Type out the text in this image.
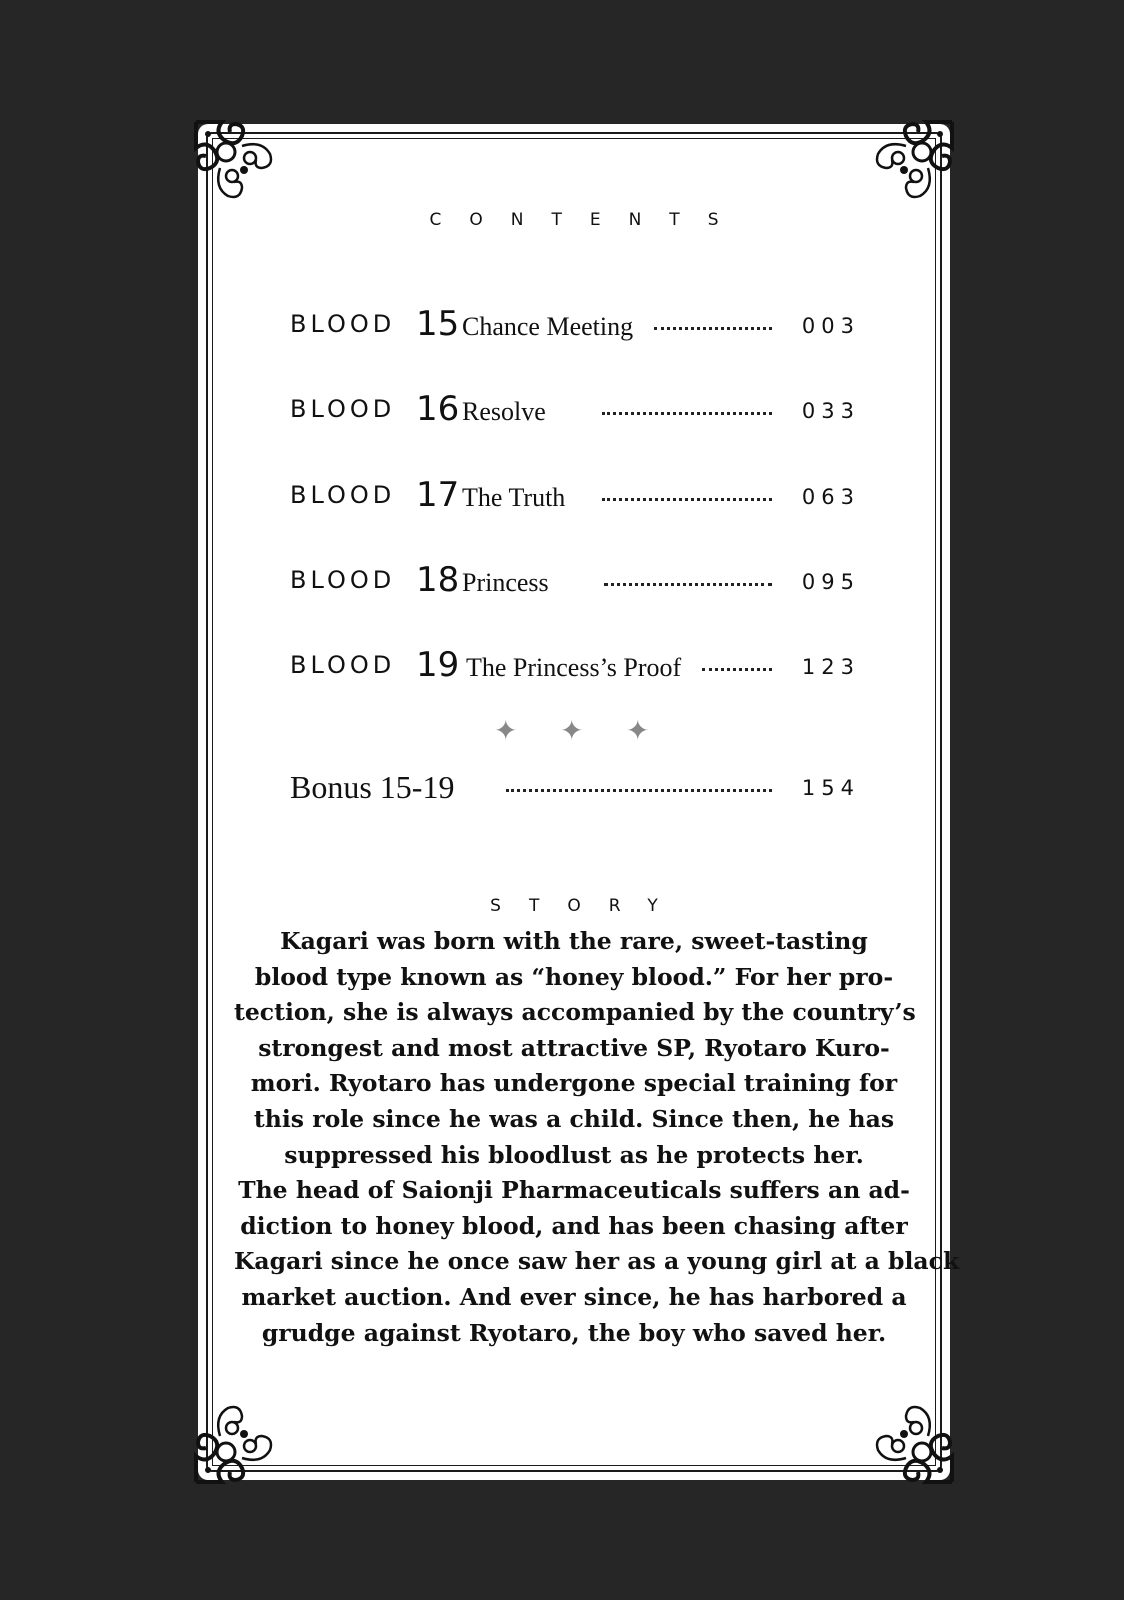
CONTENTS
BLOOD 15 Chance Meeting	003
BLOOD 16 Resolve	033
BLOOD 17 The Truth	063
BLOOD 18 Princess	095
BLOOD 19 The Princess’s Proof	123
✦ ✦ ✦
Bonus 15-19	154
STORY
Kagari was born with the rare, sweet-tasting
blood type known as “honey blood.” For her pro-
tection, she is always accompanied by the country’s
strongest and most attractive SP, Ryotaro Kuro-
mori. Ryotaro has undergone special training for
this role since he was a child. Since then, he has
suppressed his bloodlust as he protects her.
The head of Saionji Pharmaceuticals suffers an ad-
diction to honey blood, and has been chasing after
Kagari since he once saw her as a young girl at a black
market auction. And ever since, he has harbored a
grudge against Ryotaro, the boy who saved her.
